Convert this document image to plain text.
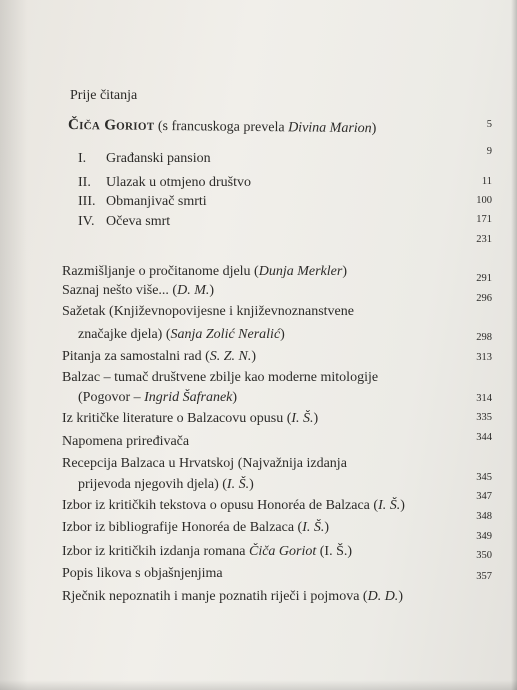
Prije čitanja
Čiča Goriot (s francuskoga prevela Divina Marion)
I. Građanski pansion
II. Ulazak u otmjeno društvo
III. Obmanjivač smrti
IV. Očeva smrt
5
9
11
100
171
231
Razmišljanje o pročitanome djelu (Dunja Merkler)
Saznaj nešto više... (D. M.)
Sažetak (Književnopovijesne i književnoznanstvene
značajke djela) (Sanja Zolić Neralić)
Pitanja za samostalni rad (S. Z. N.)
Balzac – tumač društvene zbilje kao moderne mitologije
(Pogovor – Ingrid Šafranek)
Iz kritičke literature o Balzacovu opusu (I. Š.)
Napomena priređivača
Recepcija Balzaca u Hrvatskoj (Najvažnija izdanja
prijevoda njegovih djela) (I. Š.)
Izbor iz kritičkih tekstova o opusu Honoréa de Balzaca (I. Š.)
Izbor iz bibliografije Honoréa de Balzaca (I. Š.)
Izbor iz kritičkih izdanja romana Čiča Goriot (I. Š.)
Popis likova s objašnjenjima
Rječnik nepoznatih i manje poznatih riječi i pojmova (D. D.)
291
296
298
313
314
335
344
345
347
348
349
350
357
